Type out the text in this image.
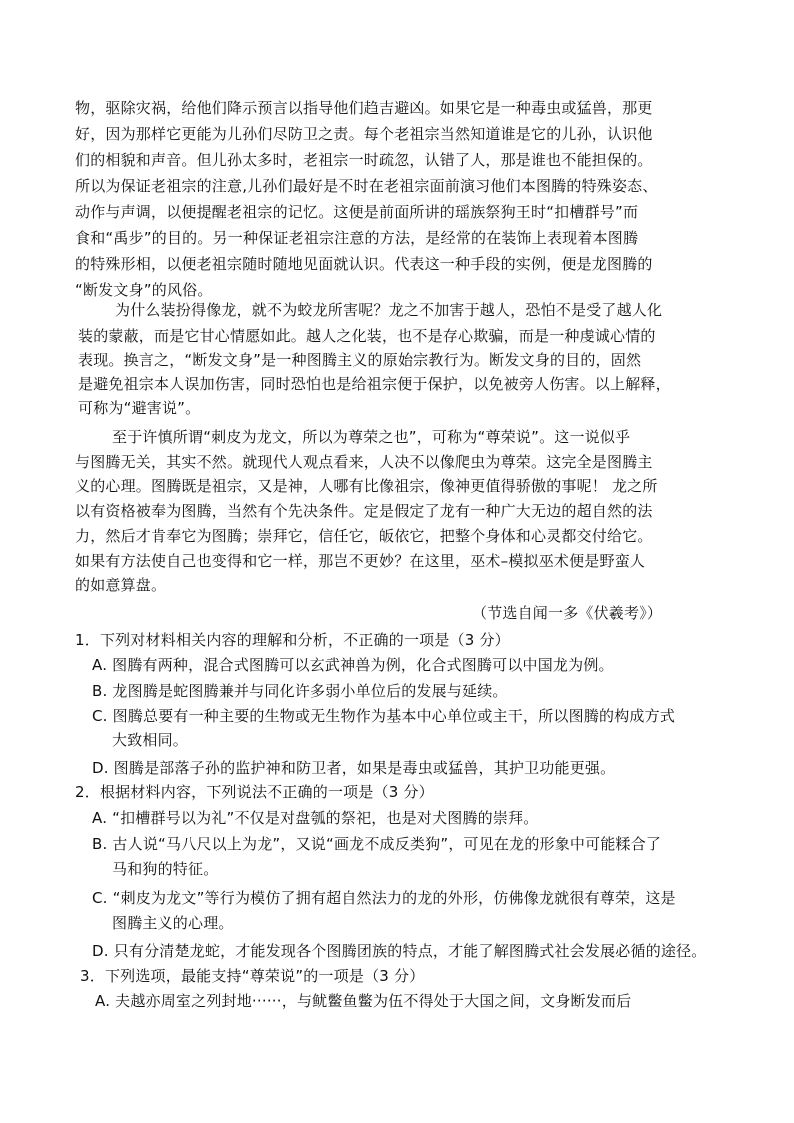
物，驱除灾祸，给他们降示预言以指导他们趋吉避凶。如果它是一种毒虫或猛兽，那更
好，因为那样它更能为儿孙们尽防卫之责。每个老祖宗当然知道谁是它的儿孙，认识他
们的相貌和声音。但儿孙太多时，老祖宗一时疏忽，认错了人，那是谁也不能担保的。
所以为保证老祖宗的注意,儿孙们最好是不时在老祖宗面前演习他们本图腾的特殊姿态、
动作与声调，以便提醒老祖宗的记忆。这便是前面所讲的瑶族祭狗王时“扣槽群号”而
食和“禹步”的目的。另一种保证老祖宗注意的方法，是经常的在装饰上表现着本图腾
的特殊形相，以便老祖宗随时随地见面就认识。代表这一种手段的实例，便是龙图腾的
“断发文身”的风俗。
为什么装扮得像龙，就不为蛟龙所害呢？龙之不加害于越人，恐怕不是受了越人化
装的蒙蔽，而是它甘心情愿如此。越人之化装，也不是存心欺骗，而是一种虔诚心情的
表现。换言之，“断发文身”是一种图腾主义的原始宗教行为。断发文身的目的，固然
是避免祖宗本人误加伤害，同时恐怕也是给祖宗便于保护，以免被旁人伤害。以上解释，
可称为“避害说”。
至于许慎所谓“刺皮为龙文，所以为尊荣之也”，可称为“尊荣说”。这一说似乎
与图腾无关，其实不然。就现代人观点看来，人决不以像爬虫为尊荣。这完全是图腾主
义的心理。图腾既是祖宗，又是神，人哪有比像祖宗，像神更值得骄傲的事呢！ 龙之所
以有资格被奉为图腾，当然有个先决条件。定是假定了龙有一种广大无边的超自然的法
力，然后才肯奉它为图腾；崇拜它，信任它，皈依它，把整个身体和心灵都交付给它。
如果有方法使自己也变得和它一样，那岂不更妙？在这里，巫术–模拟巫术便是野蛮人
的如意算盘。
（节选自闻一多《伏羲考》）
1．下列对材料相关内容的理解和分析，不正确的一项是（3 分）
A. 图腾有两种，混合式图腾可以玄武神兽为例，化合式图腾可以中国龙为例。
B. 龙图腾是蛇图腾兼并与同化许多弱小单位后的发展与延续。
C. 图腾总要有一种主要的生物或无生物作为基本中心单位或主干，所以图腾的构成方式
大致相同。
D. 图腾是部落子孙的监护神和防卫者，如果是毒虫或猛兽，其护卫功能更强。
2．根据材料内容，下列说法不正确的一项是（3 分）
A. “扣槽群号以为礼”不仅是对盘瓠的祭祀，也是对犬图腾的崇拜。
B. 古人说“马八尺以上为龙”，又说“画龙不成反类狗”，可见在龙的形象中可能糅合了
马和狗的特征。
C. “刺皮为龙文”等行为模仿了拥有超自然法力的龙的外形，仿佛像龙就很有尊荣，这是
图腾主义的心理。
D. 只有分清楚龙蛇，才能发现各个图腾团族的特点，才能了解图腾式社会发展必循的途径。
3．下列选项，最能支持“尊荣说”的一项是（3 分）
A. 夫越亦周室之列封地······，与鱿鳖鱼鳖为伍不得处于大国之间，文身断发而后
